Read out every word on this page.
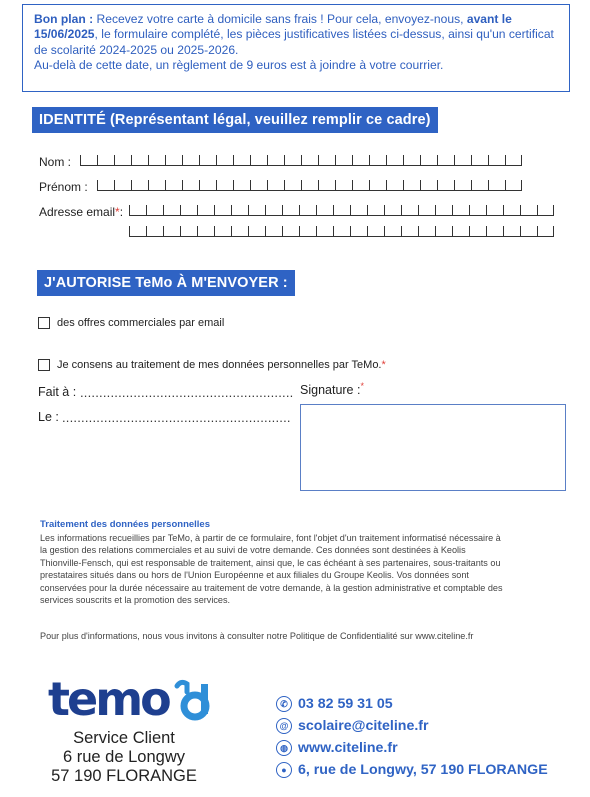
Bon plan : Recevez votre carte à domicile sans frais ! Pour cela, envoyez-nous, avant le 15/06/2025, le formulaire complété, les pièces justificatives listées ci-dessus, ainsi qu'un certificat de scolarité 2024-2025 ou 2025-2026.
Au-delà de cette date, un règlement de 9 euros est à joindre à votre courrier.
IDENTITÉ (Représentant légal, veuillez remplir ce cadre)
Nom :
Prénom :
Adresse email*:
J'AUTORISE TeMo À M'ENVOYER :
des offres commerciales par email
Je consens au traitement de mes données personnelles par TeMo.*
Fait à : ........................................................
Le : ............................................................
Signature :*
Traitement des données personnelles
Les informations recueillies par TeMo, à partir de ce formulaire, font l'objet d'un traitement informatisé nécessaire à
la gestion des relations commerciales et au suivi de votre demande. Ces données sont destinées à Keolis
Thionville-Fensch, qui est responsable de traitement, ainsi que, le cas échéant à ses partenaires, sous-traitants ou
prestataires situés dans ou hors de l'Union Européenne et aux filiales du Groupe Keolis. Vos données sont
conservées pour la durée nécessaire au traitement de votre demande, à la gestion administrative et comptable des
services souscrits et la promotion des services.
Pour plus d'informations, nous vous invitons à consulter notre Politique de Confidentialité sur www.citeline.fr
temo
Service Client
6 rue de Longwy
57 190 FLORANGE
✆ 03 82 59 31 05
@ scolaire@citeline.fr
◍ www.citeline.fr
● 6, rue de Longwy, 57 190 FLORANGE
